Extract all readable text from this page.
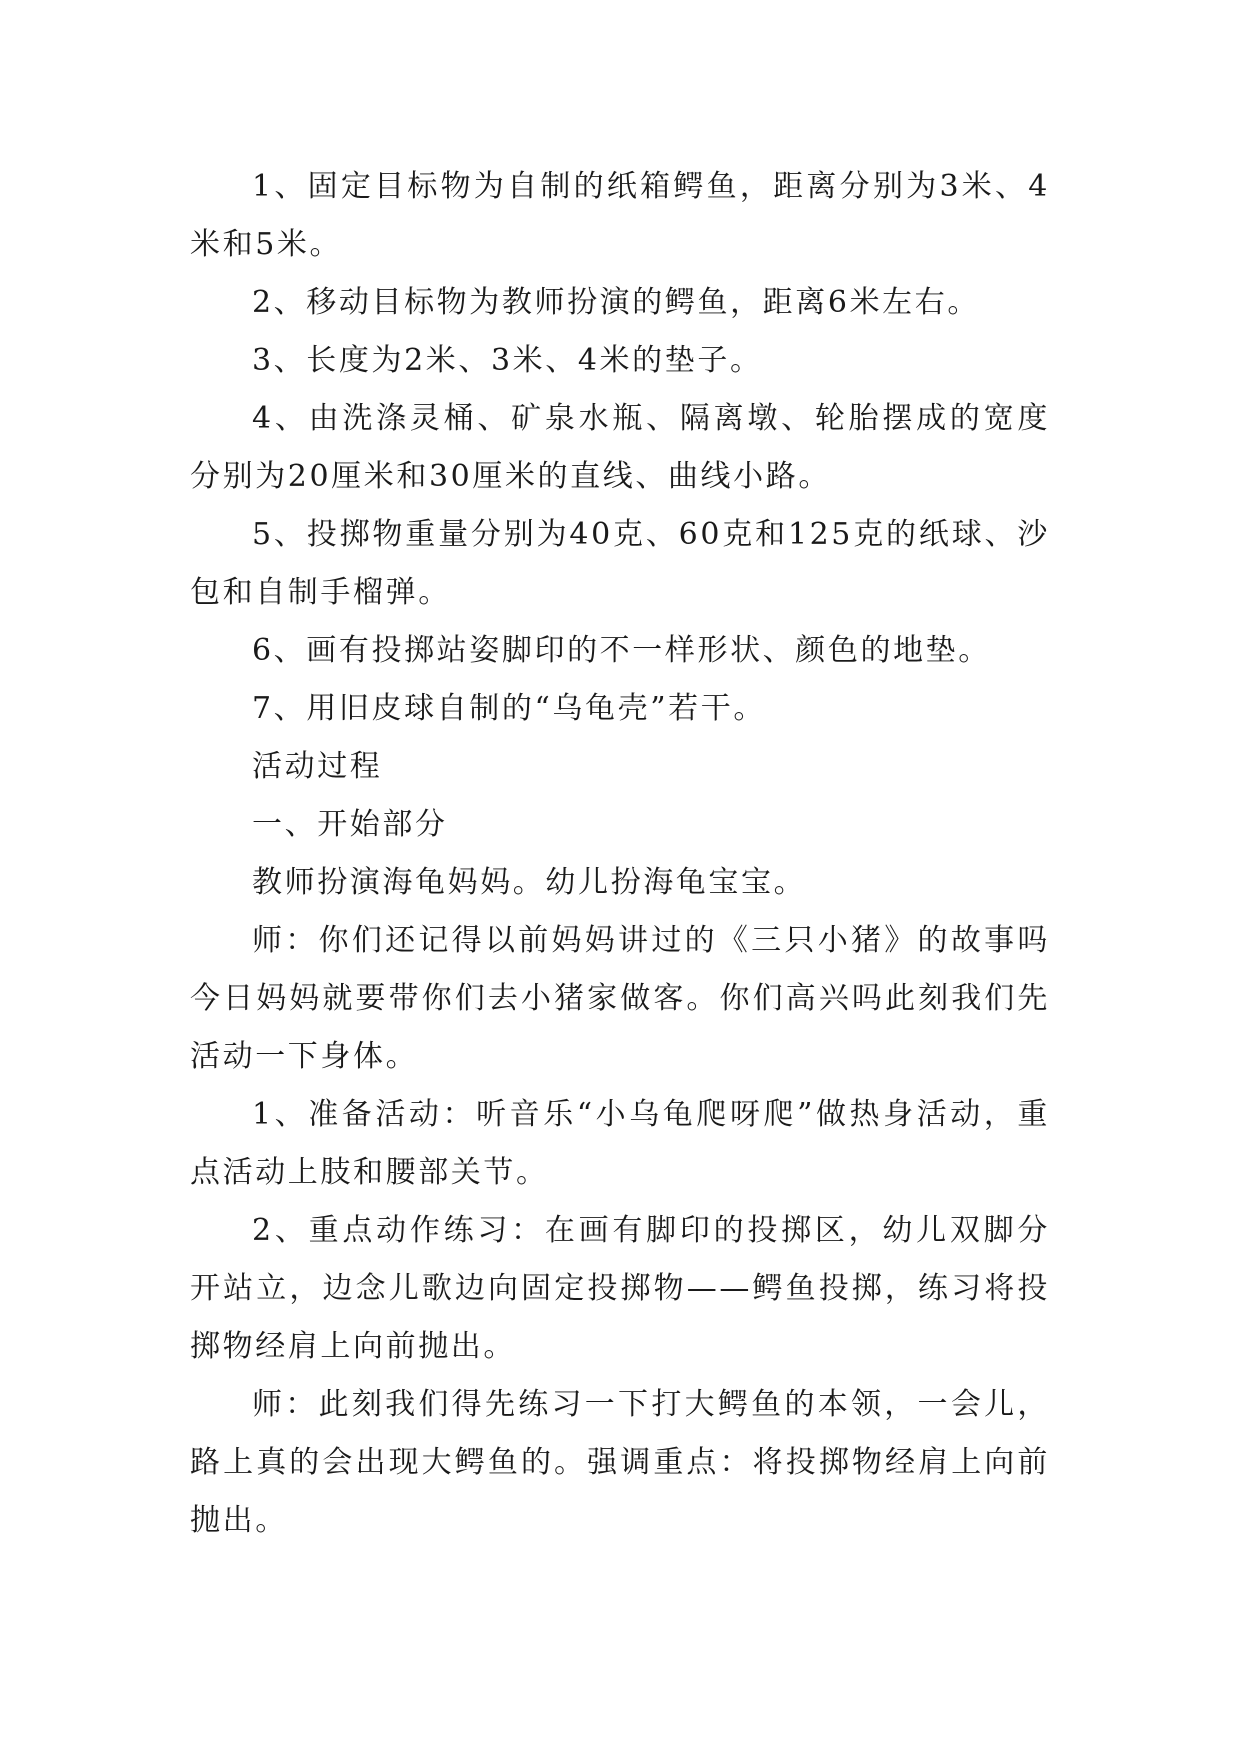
1、固定目标物为自制的纸箱鳄鱼，距离分别为3米、4米和5米。

2、移动目标物为教师扮演的鳄鱼，距离6米左右。

3、长度为2米、3米、4米的垫子。

4、由洗涤灵桶、矿泉水瓶、隔离墩、轮胎摆成的宽度分别为20厘米和30厘米的直线、曲线小路。

5、投掷物重量分别为40克、60克和125克的纸球、沙包和自制手榴弹。

6、画有投掷站姿脚印的不一样形状、颜色的地垫。

7、用旧皮球自制的“乌龟壳”若干。

活动过程

一、开始部分

教师扮演海龟妈妈。幼儿扮海龟宝宝。

师：你们还记得以前妈妈讲过的《三只小猪》的故事吗今日妈妈就要带你们去小猪家做客。你们高兴吗此刻我们先活动一下身体。

1、准备活动：听音乐“小乌龟爬呀爬”做热身活动，重点活动上肢和腰部关节。

2、重点动作练习：在画有脚印的投掷区，幼儿双脚分开站立，边念儿歌边向固定投掷物——鳄鱼投掷，练习将投掷物经肩上向前抛出。

师：此刻我们得先练习一下打大鳄鱼的本领，一会儿，路上真的会出现大鳄鱼的。强调重点：将投掷物经肩上向前抛出。
